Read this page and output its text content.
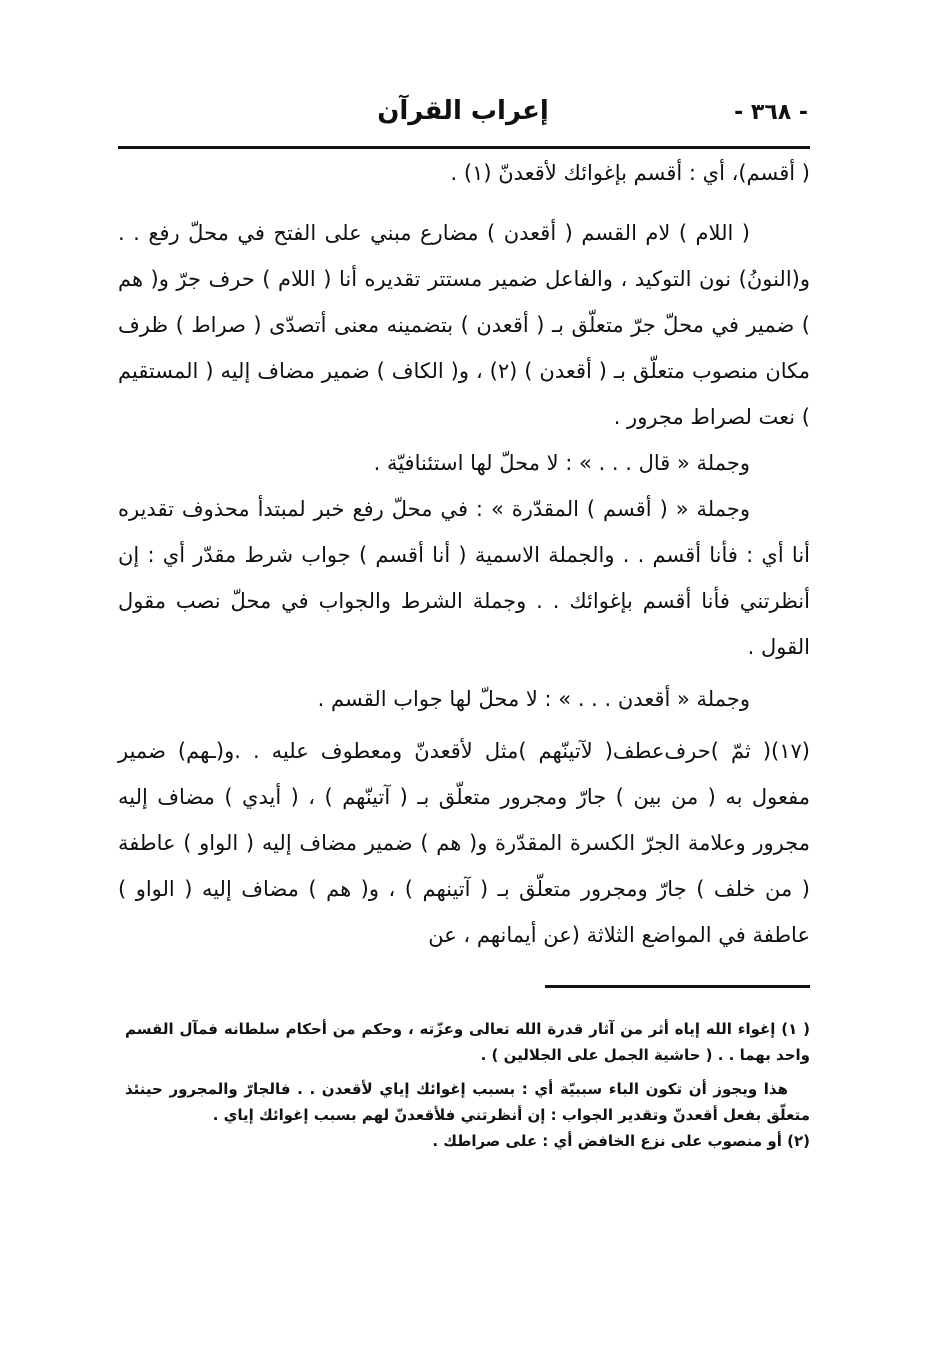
- ٣٦٨ -
إعراب القرآن

( أقسم)، أي : أقسم بإغوائك لأقعدنّ (١) .

( اللام ) لام القسم ( أقعدن ) مضارع مبني على الفتح في محلّ رفع . . و(النونُ) نون التوكيد ، والفاعل ضمير مستتر تقديره أنا ( اللام ) حرف جرّ و( هم ) ضمير في محلّ جرّ متعلّق بـ ( أقعدن ) بتضمينه معنى أتصدّى ( صراط ) ظرف مكان منصوب متعلّق بـ ( أقعدن ) (٢) ، و( الكاف ) ضمير مضاف إليه ( المستقيم ) نعت لصراط مجرور .

وجملة « قال . . . » : لا محلّ لها استئنافيّة .

وجملة « ( أقسم ) المقدّرة » : في محلّ رفع خبر لمبتدأ محذوف تقديره أنا أي : فأنا أقسم . . والجملة الاسمية ( أنا أقسم ) جواب شرط مقدّر أي : إن أنظرتني فأنا أقسم بإغوائك . . وجملة الشرط والجواب في محلّ نصب مقول القول .

وجملة « أقعدن . . . » : لا محلّ لها جواب القسم .

(١٧)( ثمّ )حرف‌عطف( لآتينّهم )مثل لأقعدنّ ومعطوف عليه . .و(ـهم) ضمير مفعول به ( من بين ) جارّ ومجرور متعلّق بـ ( آتينّهم ) ، ( أيدي ) مضاف إليه مجرور وعلامة الجرّ الكسرة المقدّرة و( هم ) ضمير مضاف إليه ( الواو ) عاطفة ( من خلف ) جارّ ومجرور متعلّق بـ ( آتينهم ) ، و( هم ) مضاف إليه ( الواو ) عاطفة في المواضع الثلاثة (عن أيمانهم ، عن

( ١) إغواء الله إياه أثر من آثار قدرة الله تعالى وعزّته ، وحكم من أحكام سلطانه فمآل القسم واحد بهما . . ( حاشية الجمل على الجلالين ) .

هذا ويجوز أن تكون الباء سببيّة أي : بسبب إغوائك إياي لأقعدن . . فالجارّ والمجرور حينئذ متعلّق بفعل أقعدنّ وتقدير الجواب : إن أنظرتني فلأقعدنّ لهم بسبب إغوائك إياي .

(٢) أو منصوب على نزع الخافض أي : على صراطك .
